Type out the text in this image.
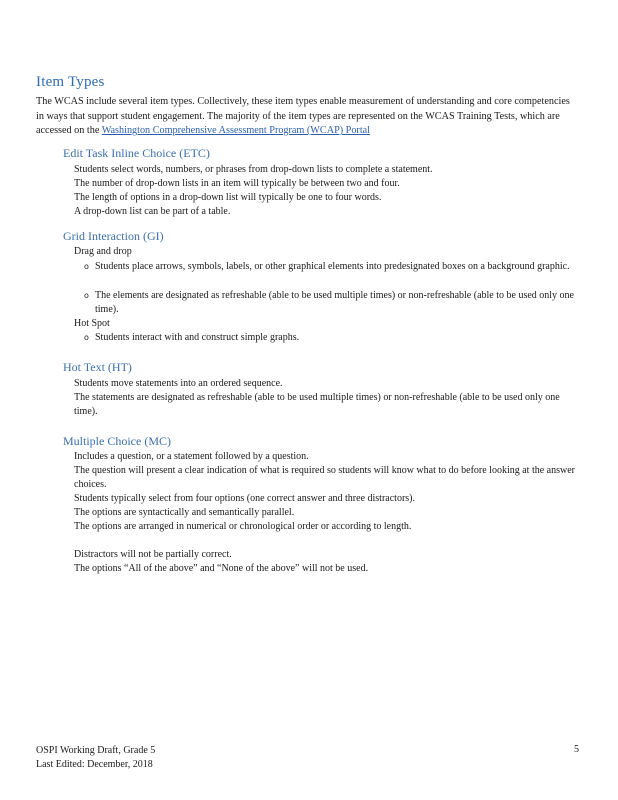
Item Types
The WCAS include several item types. Collectively, these item types enable measurement of understanding and core competencies in ways that support student engagement. The majority of the item types are represented on the WCAS Training Tests, which are accessed on the Washington Comprehensive Assessment Program (WCAP) Portal
Edit Task Inline Choice (ETC)
Students select words, numbers, or phrases from drop-down lists to complete a statement.
The number of drop-down lists in an item will typically be between two and four.
The length of options in a drop-down list will typically be one to four words.
A drop-down list can be part of a table.
Grid Interaction (GI)
Drag and drop
o Students place arrows, symbols, labels, or other graphical elements into predesignated boxes on a background graphic.
o The elements are designated as refreshable (able to be used multiple times) or non-refreshable (able to be used only one time).
Hot Spot
o Students interact with and construct simple graphs.
Hot Text (HT)
Students move statements into an ordered sequence.
The statements are designated as refreshable (able to be used multiple times) or non-refreshable (able to be used only one time).
Multiple Choice (MC)
Includes a question, or a statement followed by a question.
The question will present a clear indication of what is required so students will know what to do before looking at the answer choices.
Students typically select from four options (one correct answer and three distractors).
The options are syntactically and semantically parallel.
The options are arranged in numerical or chronological order or according to length.
Distractors will not be partially correct.
The options “All of the above” and “None of the above” will not be used.
OSPI Working Draft, Grade 5
Last Edited: December, 2018
5
